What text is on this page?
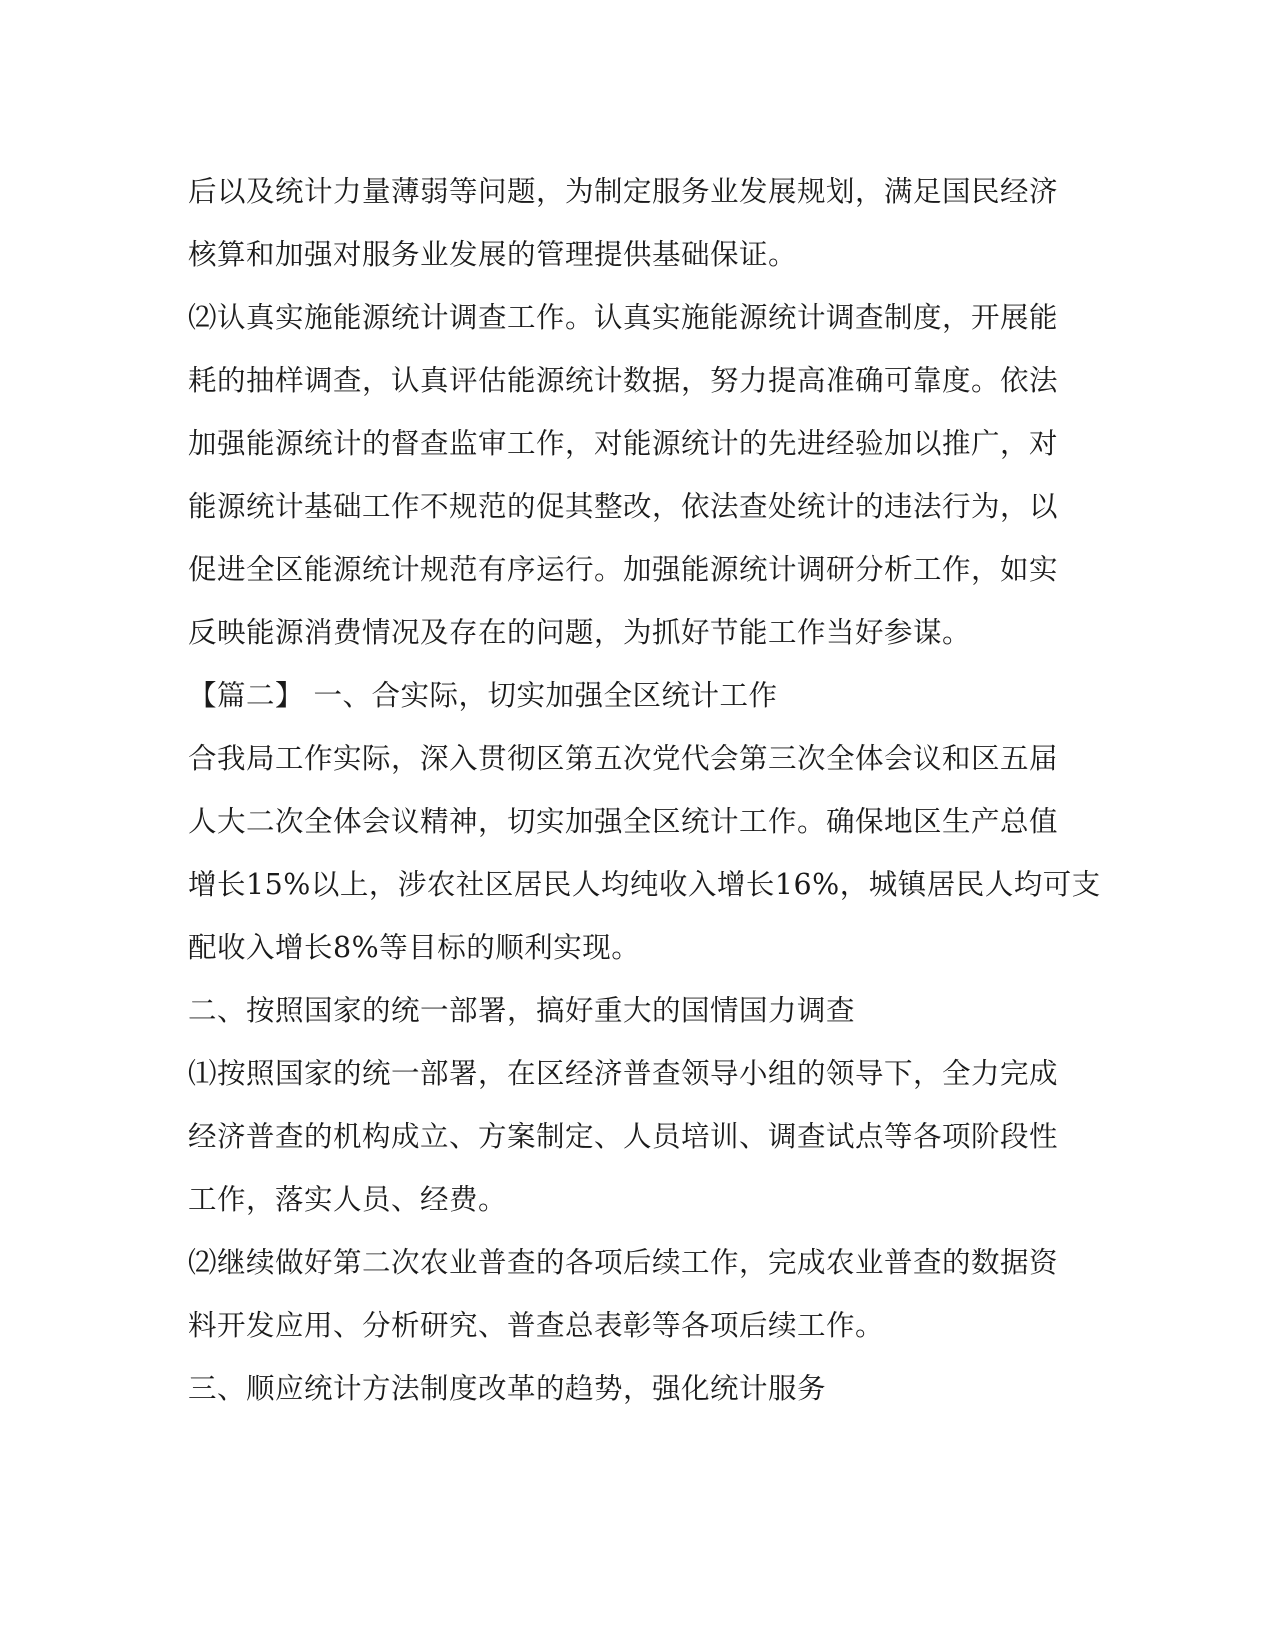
后以及统计力量薄弱等问题，为制定服务业发展规划，满足国民经济
核算和加强对服务业发展的管理提供基础保证。
⑵认真实施能源统计调查工作。认真实施能源统计调查制度，开展能
耗的抽样调查，认真评估能源统计数据，努力提高准确可靠度。依法
加强能源统计的督查监审工作，对能源统计的先进经验加以推广，对
能源统计基础工作不规范的促其整改，依法查处统计的违法行为，以
促进全区能源统计规范有序运行。加强能源统计调研分析工作，如实
反映能源消费情况及存在的问题，为抓好节能工作当好参谋。
【篇二】 一、合实际，切实加强全区统计工作
合我局工作实际，深入贯彻区第五次党代会第三次全体会议和区五届
人大二次全体会议精神，切实加强全区统计工作。确保地区生产总值
增长15%以上，涉农社区居民人均纯收入增长16%，城镇居民人均可支
配收入增长8%等目标的顺利实现。
二、按照国家的统一部署，搞好重大的国情国力调查
⑴按照国家的统一部署，在区经济普查领导小组的领导下，全力完成
经济普查的机构成立、方案制定、人员培训、调查试点等各项阶段性
工作，落实人员、经费。
⑵继续做好第二次农业普查的各项后续工作，完成农业普查的数据资
料开发应用、分析研究、普查总表彰等各项后续工作。
三、顺应统计方法制度改革的趋势，强化统计服务
